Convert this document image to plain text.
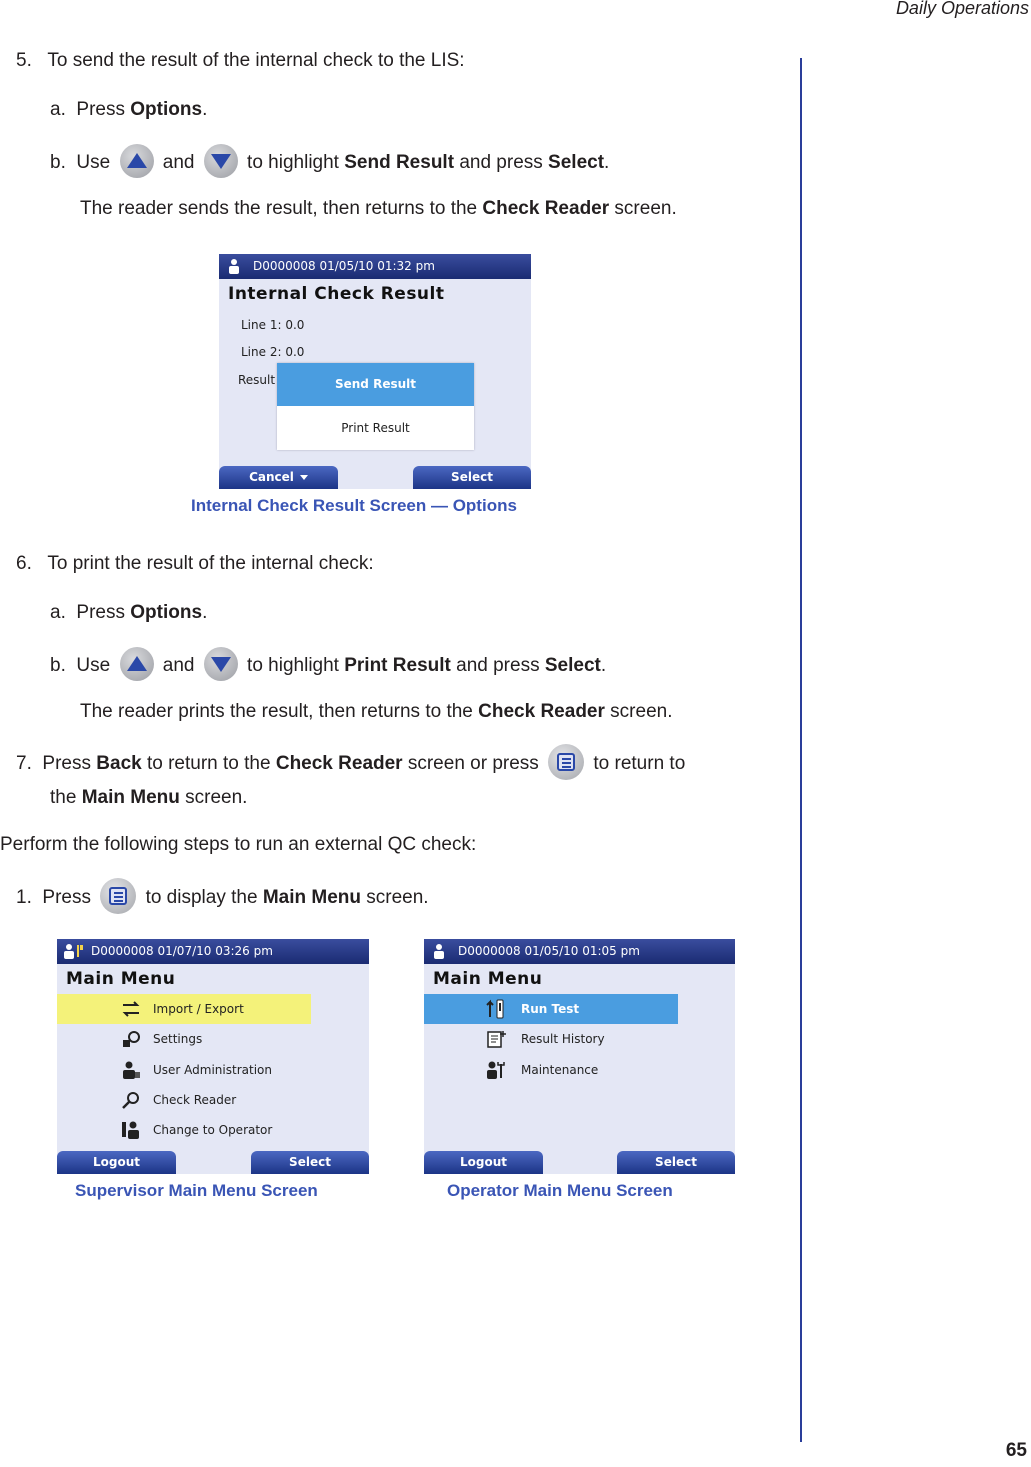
Daily Operations
5. To send the result of the internal check to the LIS:
a. Press Options.
b. Use	and	to highlight Send Result and press Select.
The reader sends the result, then returns to the Check Reader screen.
D0000008 01/05/10 01:32 pm
Internal Check Result
Line 1: 0.0
Line 2: 0.0
Result	Send Result
Print Result
Cancel	Select
Internal Check Result Screen — Options
6. To print the result of the internal check:
a. Press Options.
b. Use	and	to highlight Print Result and press Select.
The reader prints the result, then returns to the Check Reader screen.
7. Press Back to return to the Check Reader screen or press	to return to
the Main Menu screen.
Perform the following steps to run an external QC check:
1. Press	to display the Main Menu screen.
D0000008 01/07/10 03:26 pm
Main Menu
Import / Export
Settings
User Administration
Check Reader
Change to Operator
Logout	Select
Supervisor Main Menu Screen
D0000008 01/05/10 01:05 pm
Main Menu
Run Test
Result History
Maintenance
Logout	Select
Operator Main Menu Screen
65
